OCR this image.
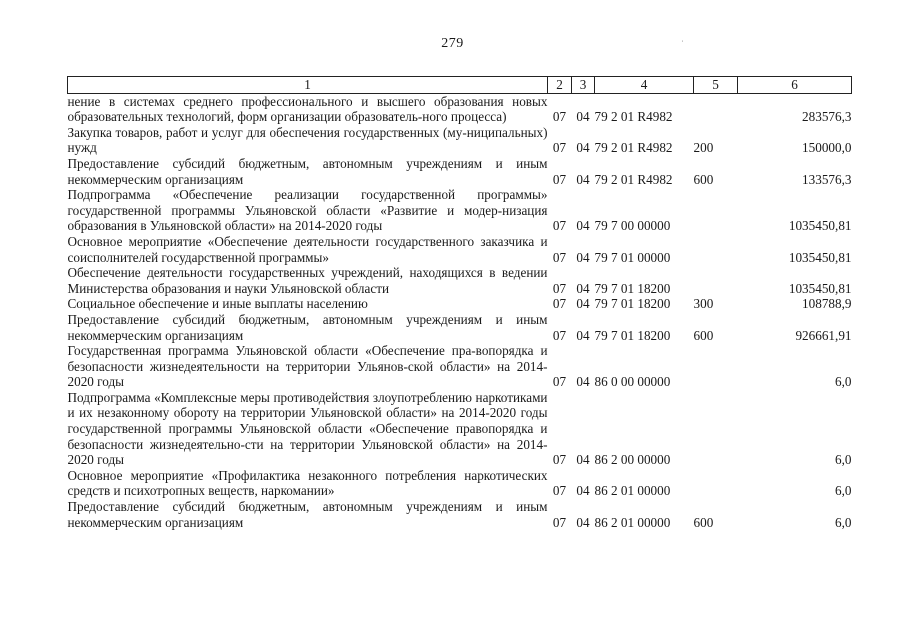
279	˙
1	2	3	4	5	6
нение в системах среднего профессионального и высшего образования новых образовательных технологий, форм организации образователь-ного процесса)	07	04	79 2 01 R4982		283576,3
Закупка товаров, работ и услуг для обеспечения государственных (му-ниципальных) нужд	07	04	79 2 01 R4982	200	150000,0
Предоставление субсидий бюджетным, автономным учреждениям и иным некоммерческим организациям	07	04	79 2 01 R4982	600	133576,3
Подпрограмма «Обеспечение реализации государственной программы» государственной программы Ульяновской области «Развитие и модер-низация образования в Ульяновской области» на 2014-2020 годы	07	04	79 7 00 00000		1035450,81
Основное мероприятие «Обеспечение деятельности государственного заказчика и соисполнителей государственной программы»	07	04	79 7 01 00000		1035450,81
Обеспечение деятельности государственных учреждений, находящихся в ведении Министерства образования и науки Ульяновской области	07	04	79 7 01 18200		1035450,81
Социальное обеспечение и иные выплаты населению	07	04	79 7 01 18200	300	108788,9
Предоставление субсидий бюджетным, автономным учреждениям и иным некоммерческим организациям	07	04	79 7 01 18200	600	926661,91
Государственная программа Ульяновской области «Обеспечение пра-вопорядка и безопасности жизнедеятельности на территории Ульянов-ской области» на 2014-2020 годы	07	04	86 0 00 00000		6,0
Подпрограмма «Комплексные меры противодействия злоупотреблению наркотиками и их незаконному обороту на территории Ульяновской области» на 2014-2020 годы государственной программы Ульяновской области «Обеспечение правопорядка и безопасности жизнедеятельно-сти на территории Ульяновской области» на 2014-2020 годы	07	04	86 2 00 00000		6,0
Основное мероприятие «Профилактика незаконного потребления наркотических средств и психотропных веществ, наркомании»	07	04	86 2 01 00000		6,0
Предоставление субсидий бюджетным, автономным учреждениям и иным некоммерческим организациям	07	04	86 2 01 00000	600	6,0
